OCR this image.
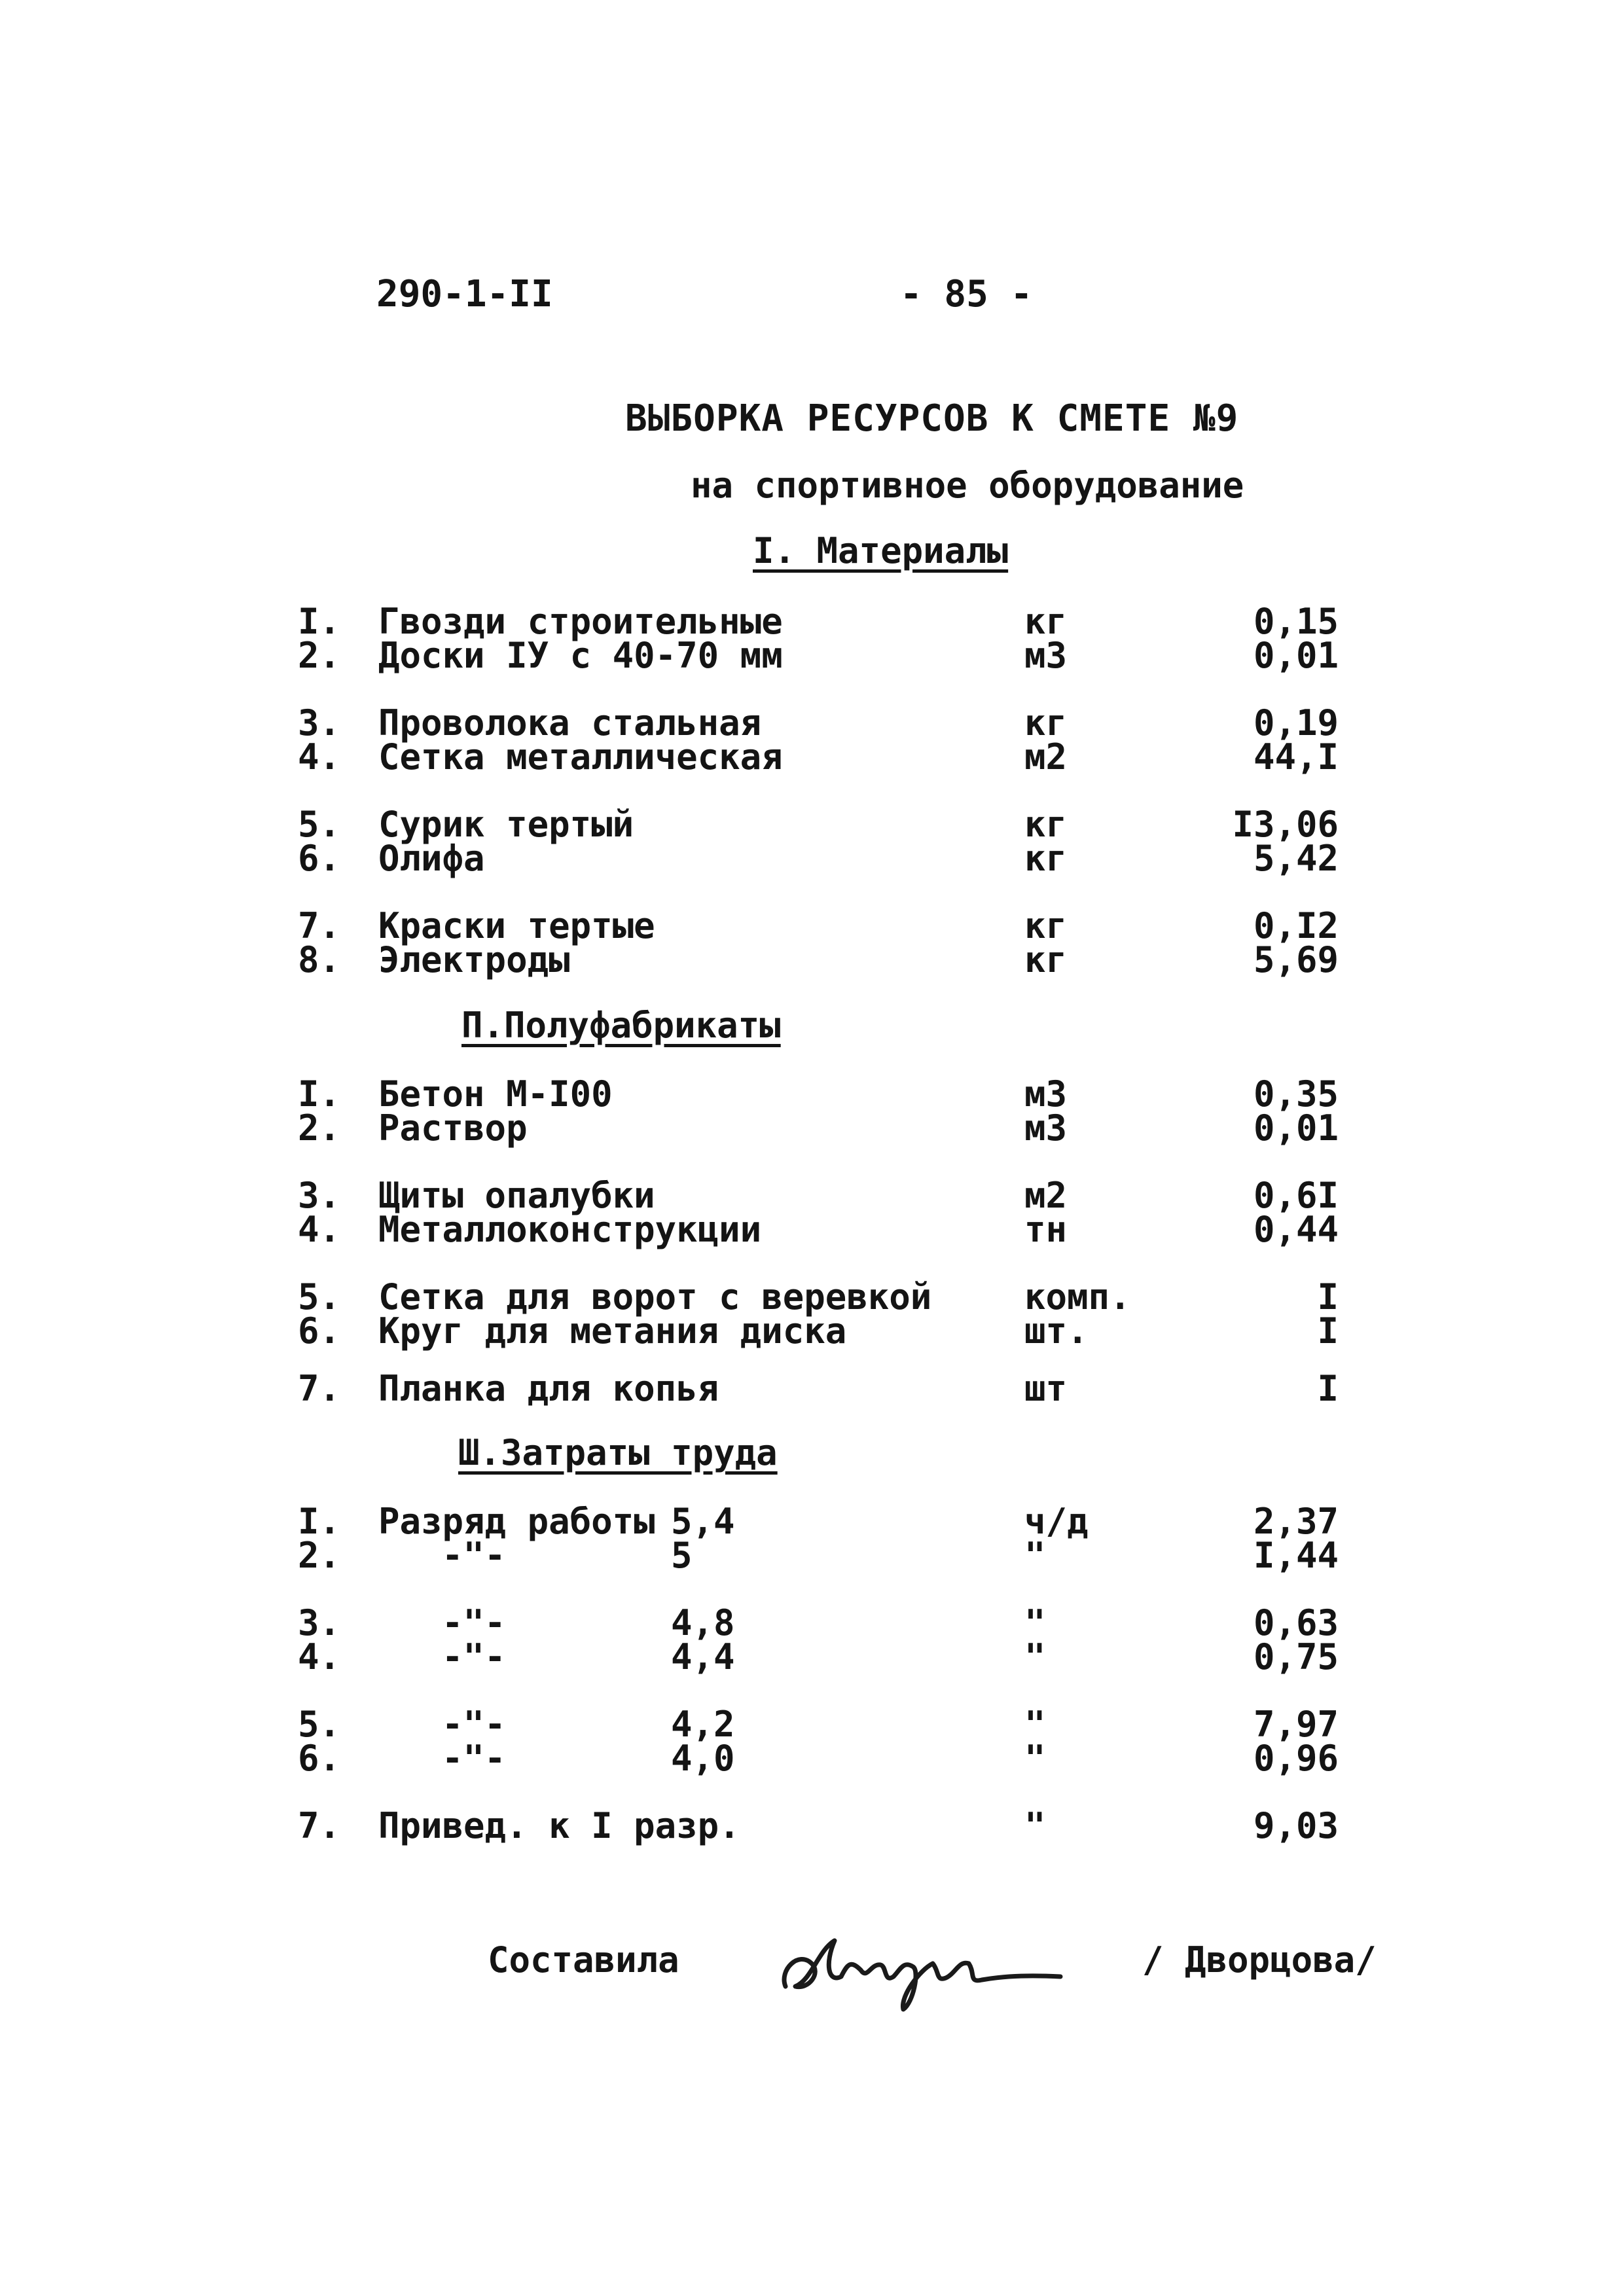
290-1-II	- 85 -
ВЫБОРКА РЕСУРСОВ К СМЕТЕ №9
на спортивное оборудование
I. Материалы
I. Гвозди строительные	кг	0,15
2. Доски IУ с 40-70 мм	м3	0,01
3. Проволока стальная	кг	0,19
4. Сетка металлическая	м2	44,I
5. Сурик тертый	кг	I3,06
6. Олифа	кг	5,42
7. Краски тертые	кг	0,I2
8. Электроды	кг	5,69
П.Полуфабрикаты
I. Бетон М-I00	м3	0,35
2. Раствор	м3	0,01
3. Щиты опалубки	м2	0,6I
4. Металлоконструкции	тн	0,44
5. Сетка для ворот с веревкой	комп.	I
6. Круг для метания диска	шт.	I
7. Планка для копья	шт	I
Ш.Затраты труда
I. Разряд работы 5,4	ч/д	2,37
2.	-"-	5	"	I,44
3.	-"-	4,8	"	0,63
4.	-"-	4,4	"	0,75
5.	-"-	4,2	"	7,97
6.	-"-	4,0	"	0,96
7. Привед. к I разр.	"	9,03
Составила	/ Дворцова/
